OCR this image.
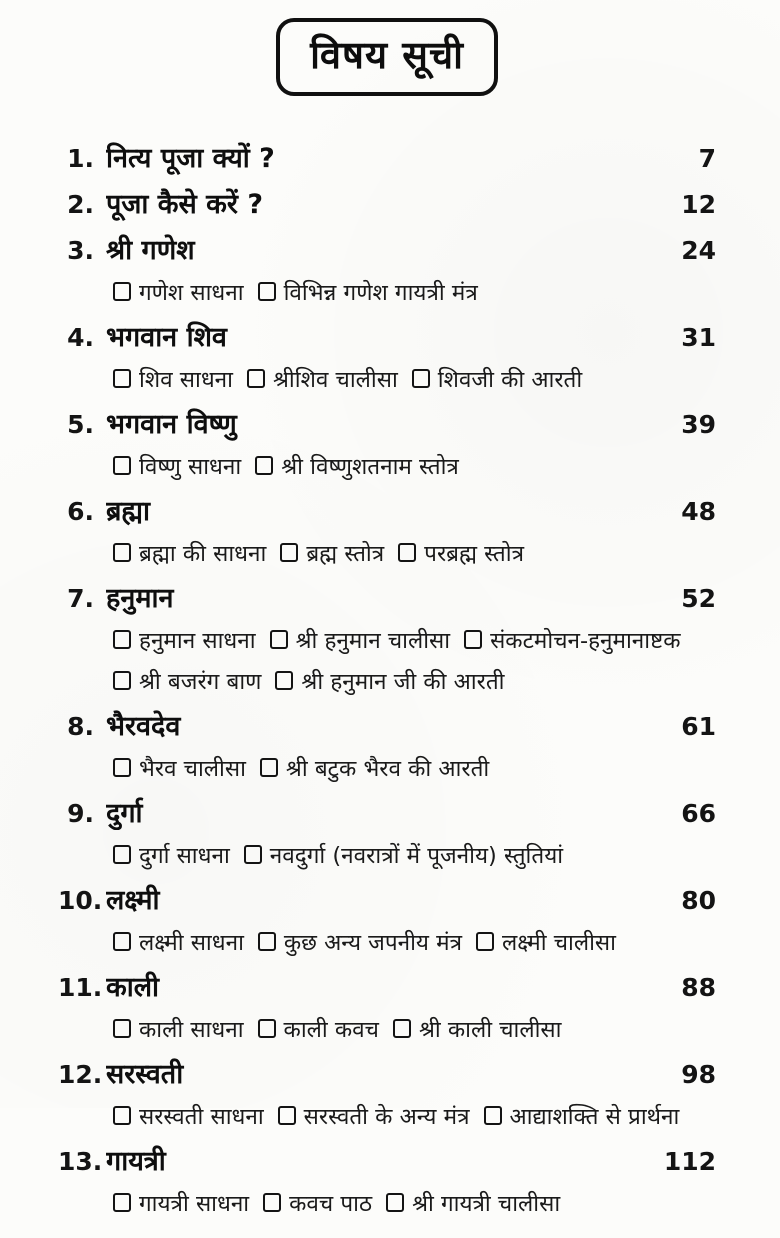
विषय सूची
1. नित्य पूजा क्यों ?	7
2. पूजा कैसे करें ?	12
3. श्री गणेश	24
गणेश साधना विभिन्न गणेश गायत्री मंत्र
4. भगवान शिव	31
शिव साधना श्रीशिव चालीसा शिवजी की आरती
5. भगवान विष्णु	39
विष्णु साधना श्री विष्णुशतनाम स्तोत्र
6. ब्रह्मा	48
ब्रह्मा की साधना ब्रह्म स्तोत्र परब्रह्म स्तोत्र
7. हनुमान	52
हनुमान साधना श्री हनुमान चालीसा संकटमोचन-हनुमानाष्टक
श्री बजरंग बाण श्री हनुमान जी की आरती
8. भैरवदेव	61
भैरव चालीसा श्री बटुक भैरव की आरती
9. दुर्गा	66
दुर्गा साधना नवदुर्गा (नवरात्रों में पूजनीय) स्तुतियां
10. लक्ष्मी	80
लक्ष्मी साधना कुछ अन्य जपनीय मंत्र लक्ष्मी चालीसा
11. काली	88
काली साधना काली कवच श्री काली चालीसा
12. सरस्वती	98
सरस्वती साधना सरस्वती के अन्य मंत्र आद्याशक्ति से प्रार्थना
13. गायत्री	112
गायत्री साधना कवच पाठ श्री गायत्री चालीसा
